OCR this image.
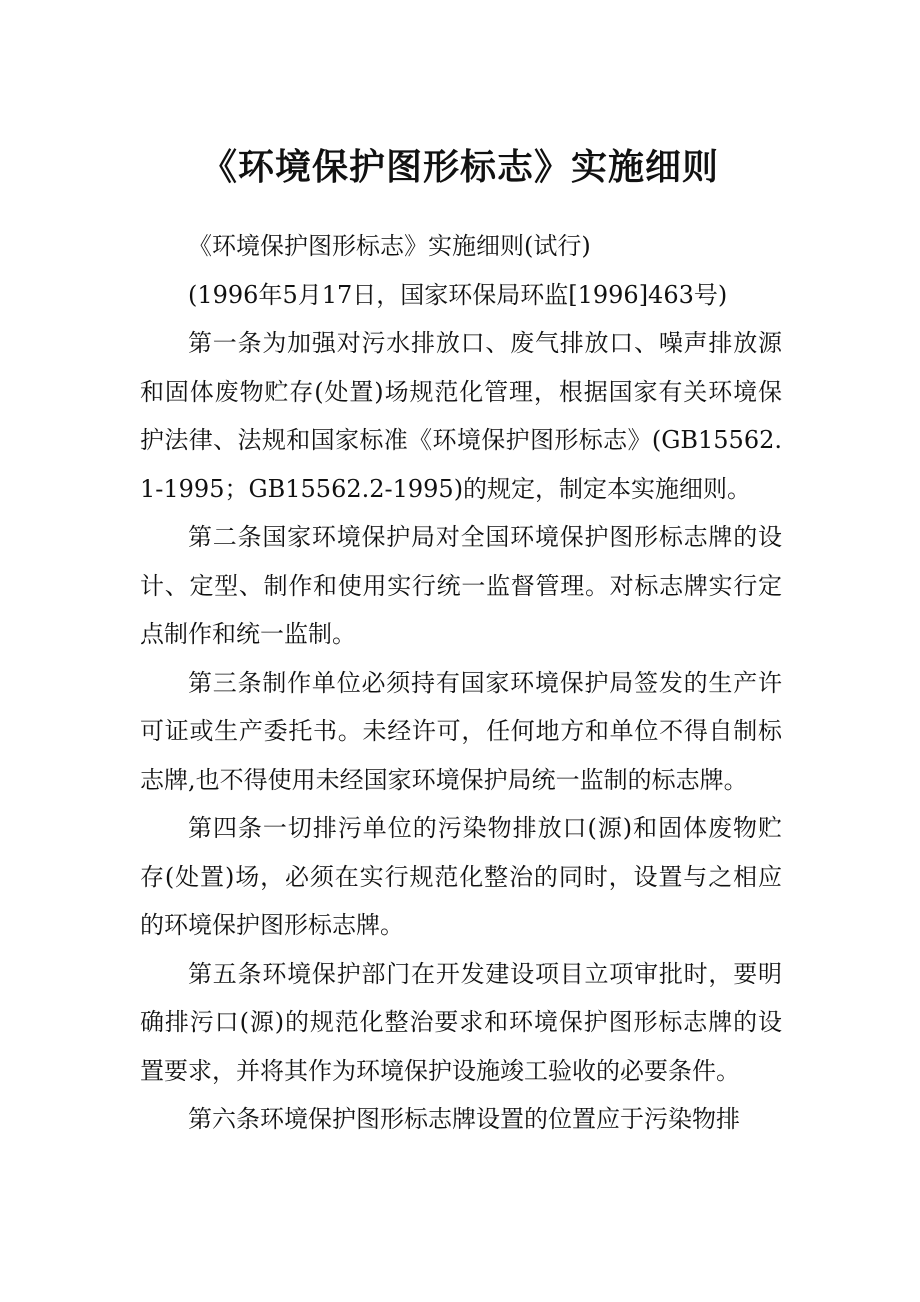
《环境保护图形标志》实施细则

《环境保护图形标志》实施细则(试行)

(1996年5月17日，国家环保局环监[1996]463号)

第一条为加强对污水排放口、废气排放口、噪声排放源和固体废物贮存(处置)场规范化管理，根据国家有关环境保护法律、法规和国家标准《环境保护图形标志》(GB15562.1-1995；GB15562.2-1995)的规定，制定本实施细则。

第二条国家环境保护局对全国环境保护图形标志牌的设计、定型、制作和使用实行统一监督管理。对标志牌实行定点制作和统一监制。

第三条制作单位必须持有国家环境保护局签发的生产许可证或生产委托书。未经许可，任何地方和单位不得自制标志牌,也不得使用未经国家环境保护局统一监制的标志牌。

第四条一切排污单位的污染物排放口(源)和固体废物贮存(处置)场，必须在实行规范化整治的同时，设置与之相应的环境保护图形标志牌。

第五条环境保护部门在开发建设项目立项审批时，要明确排污口(源)的规范化整治要求和环境保护图形标志牌的设置要求，并将其作为环境保护设施竣工验收的必要条件。

第六条环境保护图形标志牌设置的位置应于污染物排
